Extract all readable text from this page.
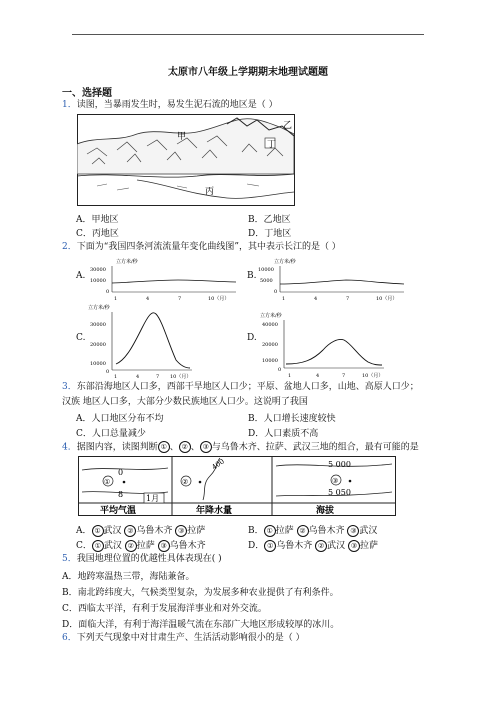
太原市八年级上学期期末地理试题题
一、选择题
1．读图，当暴雨发生时，易发生泥石流的地区是（ ）
甲
乙
丙
丁
A．甲地区	B．乙地区
C．丙地区	D．丁地区
2．下面为“我国四条河流流量年变化曲线图”，其中表示长江的是（ ）
A.
立方米/秒
30000
10000
0
1	4	7	10（月）
B.
立方米/秒
10000
5000
0
1	4	7	10（月）
C.
立方米/秒
30000
20000
10000
0
1	4	7 10（月）
D.
立方米/秒
40000
20000
10000
0
1	4	7	10（月）
3．东部沿海地区人口多，西部干旱地区人口少；平原、盆地人口多，山地、高原人口少；
汉族 地区人口多，大部分少数民族地区人口少。这说明了我国
A．人口地区分布不均	B．人口增长速度较快
C．人口总量减少	D．人口素质不高
4．据图内容，读图判断 ① 、 ② 、 ③ 与乌鲁木齐、拉萨、武汉三地的组合，最有可能的是
0
8
①
1月
平均气温
400
②
年降水量
5 000
5 050
③
海拔
A． ① 武汉 ② 乌鲁木齐 ③ 拉萨	B． ① 拉萨 ② 乌鲁木齐 ③ 武汉
C． ① 武汉 ② 拉萨 ③ 乌鲁木齐	D． ① 乌鲁木齐 ② 武汉 ③ 拉萨
5．我国地理位置的优越性具体表现在( )
A．地跨寒温热三带，海陆兼备。
B．南北跨纬度大，气候类型复杂，为发展多种农业提供了有利条件。
C．西临太平洋，有利于发展海洋事业和对外交流。
D．面临大洋，有利于海洋温暖气流在东部广大地区形成较厚的冰川。
6．下列天气现象中对甘肃生产、生活活动影响很小的是（ ）
